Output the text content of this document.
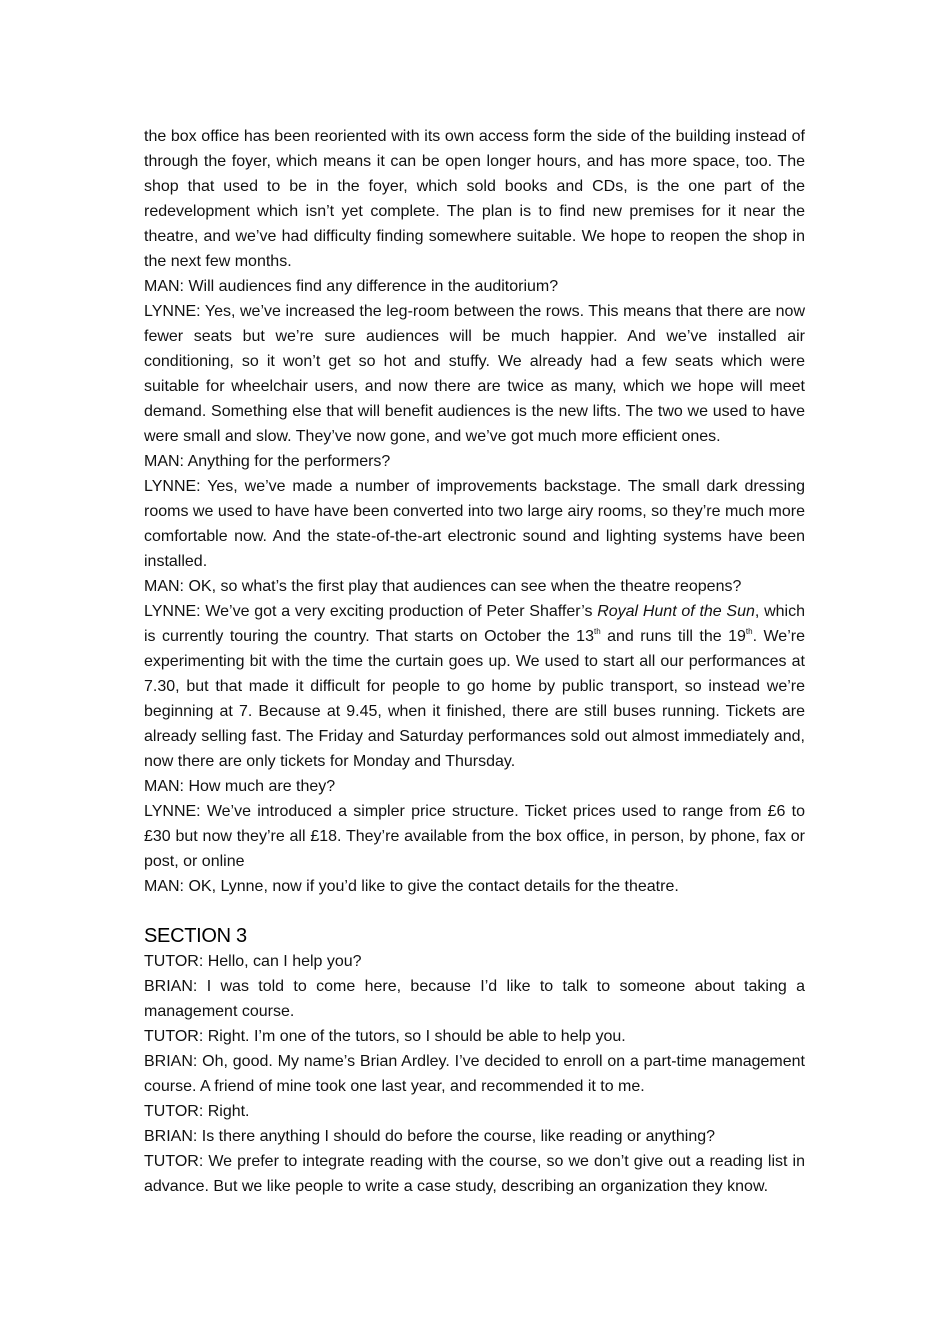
the box office has been reoriented with its own access form the side of the building instead of through the foyer, which means it can be open longer hours, and has more space, too. The shop that used to be in the foyer, which sold books and CDs, is the one part of the redevelopment which isn’t yet complete. The plan is to find new premises for it near the theatre, and we’ve had difficulty finding somewhere suitable. We hope to reopen the shop in the next few months.

MAN: Will audiences find any difference in the auditorium?

LYNNE: Yes, we’ve increased the leg-room between the rows. This means that there are now fewer seats but we’re sure audiences will be much happier. And we’ve installed air conditioning, so it won’t get so hot and stuffy. We already had a few seats which were suitable for wheelchair users, and now there are twice as many, which we hope will meet demand. Something else that will benefit audiences is the new lifts. The two we used to have were small and slow. They’ve now gone, and we’ve got much more efficient ones.

MAN: Anything for the performers?

LYNNE: Yes, we’ve made a number of improvements backstage. The small dark dressing rooms we used to have have been converted into two large airy rooms, so they’re much more comfortable now. And the state-of-the-art electronic sound and lighting systems have been installed.

MAN: OK, so what’s the first play that audiences can see when the theatre reopens?

LYNNE: We’ve got a very exciting production of Peter Shaffer’s Royal Hunt of the Sun, which is currently touring the country. That starts on October the 13th and runs till the 19th. We’re experimenting bit with the time the curtain goes up. We used to start all our performances at 7.30, but that made it difficult for people to go home by public transport, so instead we’re beginning at 7. Because at 9.45, when it finished, there are still buses running. Tickets are already selling fast. The Friday and Saturday performances sold out almost immediately and, now there are only tickets for Monday and Thursday.

MAN: How much are they?

LYNNE: We’ve introduced a simpler price structure. Ticket prices used to range from £6 to £30 but now they’re all £18. They’re available from the box office, in person, by phone, fax or post, or online

MAN: OK, Lynne, now if you’d like to give the contact details for the theatre.

SECTION 3

TUTOR: Hello, can I help you?

BRIAN: I was told to come here, because I’d like to talk to someone about taking a management course.

TUTOR: Right. I’m one of the tutors, so I should be able to help you.

BRIAN: Oh, good. My name’s Brian Ardley. I’ve decided to enroll on a part-time management course. A friend of mine took one last year, and recommended it to me.

TUTOR: Right.

BRIAN: Is there anything I should do before the course, like reading or anything?

TUTOR: We prefer to integrate reading with the course, so we don’t give out a reading list in advance. But we like people to write a case study, describing an organization they know.
